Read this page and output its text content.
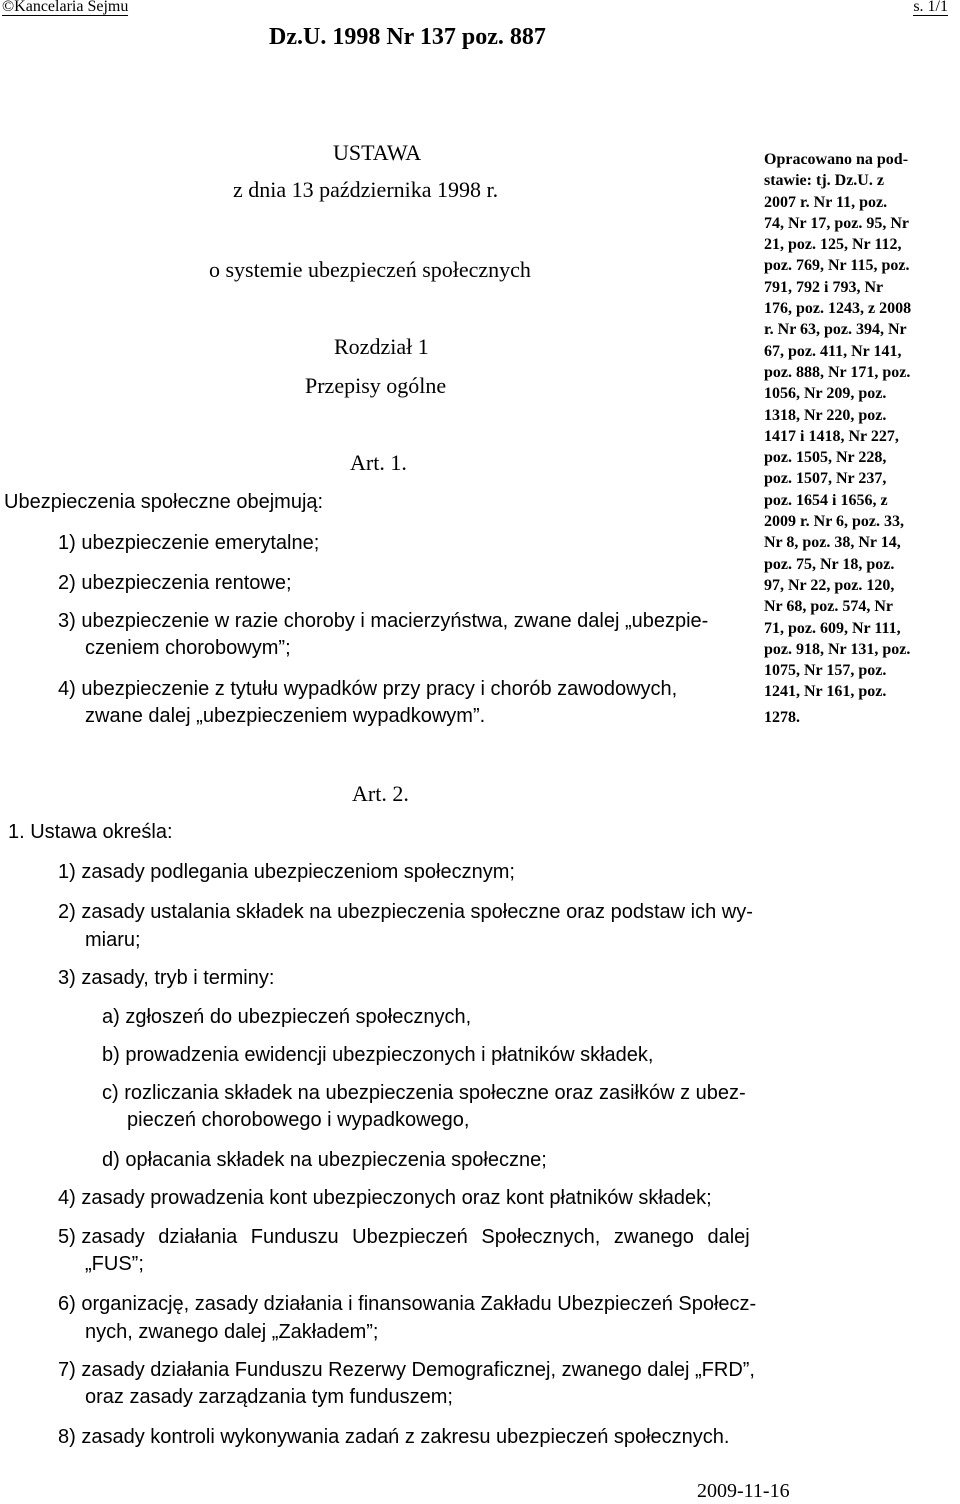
©Kancelaria Sejmu	s. 1/1
Dz.U. 1998 Nr 137 poz. 887
USTAWA
z dnia 13 października 1998 r.
o systemie ubezpieczeń społecznych
Rozdział 1
Przepisy ogólne
Art. 1.
Ubezpieczenia społeczne obejmują:
1) ubezpieczenie emerytalne;
2) ubezpieczenia rentowe;
3) ubezpieczenie w razie choroby i macierzyństwa, zwane dalej „ubezpie-
czeniem chorobowym”;
4) ubezpieczenie z tytułu wypadków przy pracy i chorób zawodowych,
zwane dalej „ubezpieczeniem wypadkowym”.
Art. 2.
1. Ustawa określa:
1) zasady podlegania ubezpieczeniom społecznym;
2) zasady ustalania składek na ubezpieczenia społeczne oraz podstaw ich wy-
miaru;
3) zasady, tryb i terminy:
a) zgłoszeń do ubezpieczeń społecznych,
b) prowadzenia ewidencji ubezpieczonych i płatników składek,
c) rozliczania składek na ubezpieczenia społeczne oraz zasiłków z ubez-
pieczeń chorobowego i wypadkowego,
d) opłacania składek na ubezpieczenia społeczne;
4) zasady prowadzenia kont ubezpieczonych oraz kont płatników składek;
5) zasady działania Funduszu Ubezpieczeń Społecznych, zwanego dalej
„FUS”;
6) organizację, zasady działania i finansowania Zakładu Ubezpieczeń Społecz-
nych, zwanego dalej „Zakładem”;
7) zasady działania Funduszu Rezerwy Demograficznej, zwanego dalej „FRD”,
oraz zasady zarządzania tym funduszem;
8) zasady kontroli wykonywania zadań z zakresu ubezpieczeń społecznych.
Opracowano na pod-
stawie: tj. Dz.U. z
2007 r. Nr 11, poz.
74, Nr 17, poz. 95, Nr
21, poz. 125, Nr 112,
poz. 769, Nr 115, poz.
791, 792 i 793, Nr
176, poz. 1243, z 2008
r. Nr 63, poz. 394, Nr
67, poz. 411, Nr 141,
poz. 888, Nr 171, poz.
1056, Nr 209, poz.
1318, Nr 220, poz.
1417 i 1418, Nr 227,
poz. 1505, Nr 228,
poz. 1507, Nr 237,
poz. 1654 i 1656, z
2009 r. Nr 6, poz. 33,
Nr 8, poz. 38, Nr 14,
poz. 75, Nr 18, poz.
97, Nr 22, poz. 120,
Nr 68, poz. 574, Nr
71, poz. 609, Nr 111,
poz. 918, Nr 131, poz.
1075, Nr 157, poz.
1241, Nr 161, poz.
1278.
2009-11-16
